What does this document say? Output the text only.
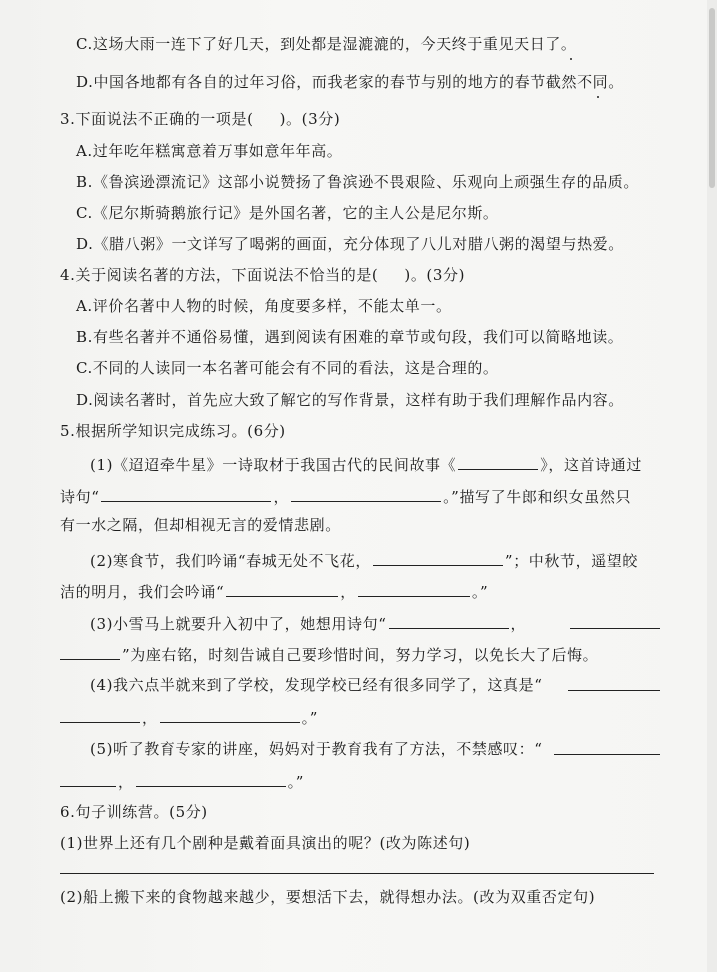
C.这场大雨一连下了好几天，到处都是湿漉漉的，今天终于重见天日了。
D.中国各地都有各自的过年习俗，而我老家的春节与别的地方的春节截然不同。
3.下面说法不正确的一项是( )。(3分)
A.过年吃年糕寓意着万事如意年年高。
B.《鲁滨逊漂流记》这部小说赞扬了鲁滨逊不畏艰险、乐观向上顽强生存的品质。
C.《尼尔斯骑鹅旅行记》是外国名著，它的主人公是尼尔斯。
D.《腊八粥》一文详写了喝粥的画面，充分体现了八儿对腊八粥的渴望与热爱。
4.关于阅读名著的方法，下面说法不恰当的是( )。(3分)
A.评价名著中人物的时候，角度要多样，不能太单一。
B.有些名著并不通俗易懂，遇到阅读有困难的章节或句段，我们可以简略地读。
C.不同的人读同一本名著可能会有不同的看法，这是合理的。
D.阅读名著时，首先应大致了解它的写作背景，这样有助于我们理解作品内容。
5.根据所学知识完成练习。(6分)
(1)《迢迢牵牛星》一诗取材于我国古代的民间故事《	》，这首诗通过
诗句“	，	。”描写了牛郎和织女虽然只
有一水之隔，但却相视无言的爱情悲剧。
(2)寒食节，我们吟诵“春城无处不飞花，	”；中秋节，遥望皎
洁的明月，我们会吟诵“	，	。”
(3)小雪马上就要升入初中了，她想用诗句“	，
”为座右铭，时刻告诫自己要珍惜时间，努力学习，以免长大了后悔。
(4)我六点半就来到了学校，发现学校已经有很多同学了，这真是“
，	。”
(5)听了教育专家的讲座，妈妈对于教育我有了方法，不禁感叹：“
，	。”
6.句子训练营。(5分)
(1)世界上还有几个剧种是戴着面具演出的呢？(改为陈述句)
(2)船上搬下来的食物越来越少，要想活下去，就得想办法。(改为双重否定句)
